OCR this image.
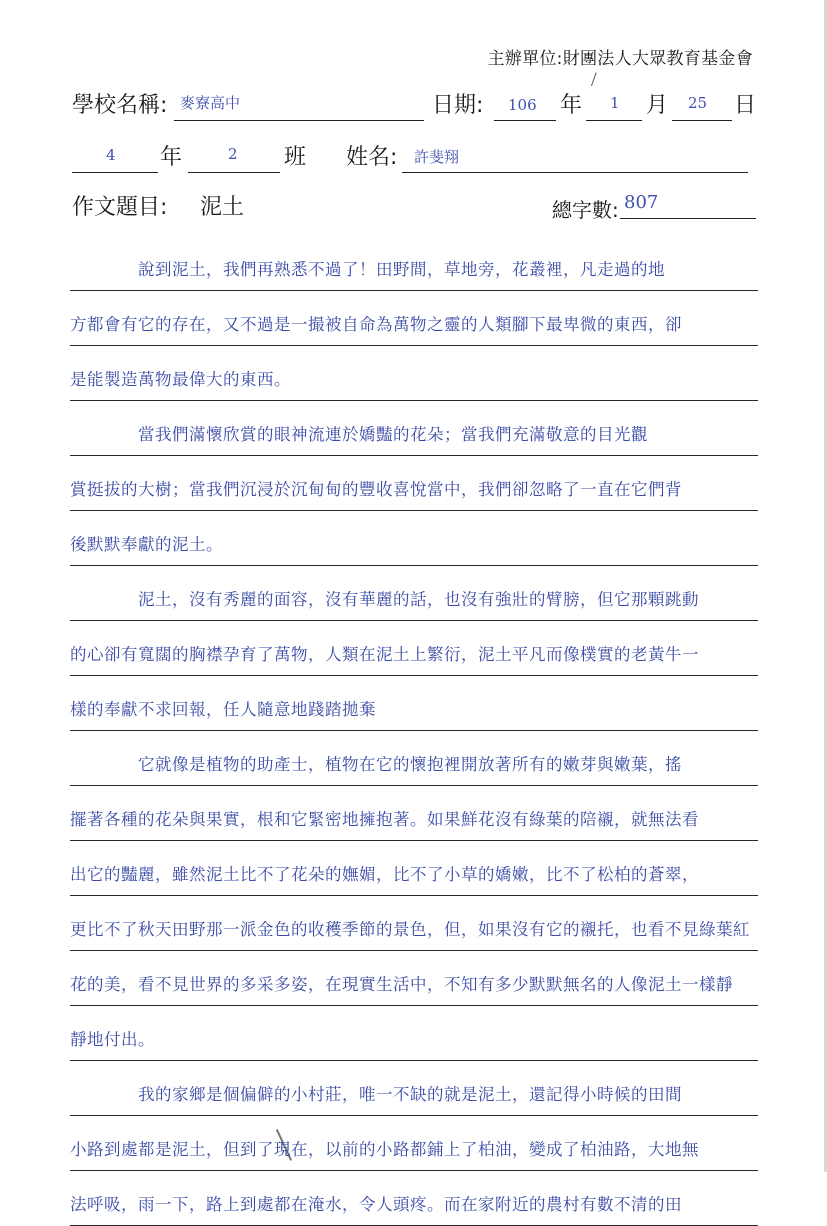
主辦單位:財團法人大眾教育基金會
學校名稱: 麥寮高中	日期: 106 年 1 月 25 日
4 年	2 班 姓名: 許斐翔
作文題目: 泥土	總字數: 807
說到泥土，我們再熟悉不過了！田野間，草地旁，花叢裡，凡走過的地
方都會有它的存在，又不過是一撮被自命為萬物之靈的人類腳下最卑微的東西，卻
是能製造萬物最偉大的東西。
當我們滿懷欣賞的眼神流連於嬌豔的花朵；當我們充滿敬意的目光觀
賞挺拔的大樹；當我們沉浸於沉甸甸的豐收喜悅當中，我們卻忽略了一直在它們背
後默默奉獻的泥土。
泥土，沒有秀麗的面容，沒有華麗的話，也沒有強壯的臂膀，但它那顆跳動
的心卻有寬闊的胸襟孕育了萬物，人類在泥土上繁衍，泥土平凡而像樸實的老黃牛一
樣的奉獻不求回報，任人隨意地踐踏拋棄
它就像是植物的助產士，植物在它的懷抱裡開放著所有的嫩芽與嫩葉，搖
擺著各種的花朵與果實，根和它緊密地擁抱著。如果鮮花沒有綠葉的陪襯，就無法看
出它的豔麗，雖然泥土比不了花朵的嫵媚，比不了小草的嬌嫩，比不了松柏的蒼翠，
更比不了秋天田野那一派金色的收穫季節的景色，但，如果沒有它的襯托，也看不見綠葉紅
花的美，看不見世界的多采多姿，在現實生活中，不知有多少默默無名的人像泥土一樣靜
靜地付出。
我的家鄉是個偏僻的小村莊，唯一不缺的就是泥土，還記得小時候的田間
小路到處都是泥土，但到了現在，以前的小路都鋪上了柏油，變成了柏油路，大地無
法呼吸，雨一下，路上到處都在淹水，令人頭疼。而在家附近的農村有數不清的田
